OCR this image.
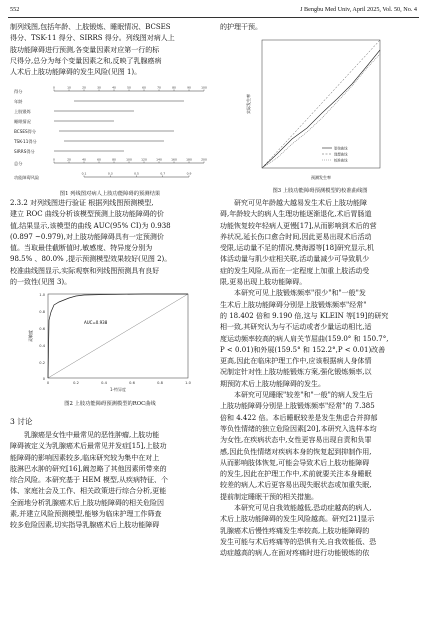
552	J Bengbu Med Univ, April 2025, Vol. 50, No. 4
制列线图,包括年龄、上肢锻炼、睡眠情况、BCSES
得分、TSK-11 得分、SIRRS 得分。列线图对病人上
肢功能障碍进行预测,各变量因素对应第一行的标
尺得分,总分为每个变量因素之和,反映了乳腺癌病
人术后上肢功能障碍的发生风险(见图 1)。
得分
年龄
上肢锻炼
睡眠情况
BCSES得分
TSK-11得分
SIRRS得分
总分
功能障碍风险
0	10	20	30	40	50	60	70	80	90	100
0	20	40	60	80	100	120	140	160	180	200
0.1	0.3	0.5	0.7	0.9
图1 列线图对病人上肢功能障碍的预测结果
2.3.2 对列线图进行验证 根据列线图预测模型,
建立 ROC 曲线分析该模型预测上肢功能障碍的价
值,结果显示,该模型的曲线 AUC(95% CI)为 0.938
(0.897 ~0.979),对上肢功能障碍具有一定预测价
值。当取最佳截断值时,敏感度、特异度分别为
98.5% 、80.0% ,提示预测模型效果较好(见图 2)。
校准曲线图显示,实际观察和列线图预测具有良好
的一致性(见图 3)。
AUC=0.938
1.0
0.8
0.6
0.4
0.2
0
0	0.2	0.4	0.6	0.8	1.0
1-特异度
灵敏度
图2 上肢功能障碍预测模型的ROC曲线
3 讨论
乳腺癌是女性中最常见的恶性肿瘤,上肢功能
障碍被定义为乳腺癌术后最常见并发症[15],上肢功
能障碍的影响因素较多,临床研究较为集中在对上
肢淋巴水肿的研究[16],阚忽略了其他因素所带来的
综合风险。本研究基于 HEM 模型,从疾病特征、个
体、家庭社会及工作、相关政策进行综合分析,更能
全面地分析乳腺癌术后上肢功能障碍的相关危险因
素,并建立风险预测模型,能够为临床护理工作筛查
较多危险因素,切实指导乳腺癌术后上肢功能障碍
的护理干预。
实际发生率
预测发生率
原始曲线
理想曲线
校准曲线
图3 上肢功能障碍预测模型的校准曲线图
研究可见年龄越大越易发生术后上肢功能障
碍,年龄较大的病人生理功能逐渐退化,术后胃肠道
功能恢复较年轻病人更慢[17],从而影响到术后的营
养状况,延长伤口愈合时间,因此更易出现术后活动
受限,运动量不足的情况,樊海源等[18]研究显示,机
体活动量与肌少症相关联,活动量减少可导致肌少
症的发生风险,从而在一定程度上加重上肢活动受
限,更易出现上肢功能障碍。
本研究可见上肢锻炼频率"很少"和"一般"发
生术后上肢功能障碍分别是上肢锻炼频率"经常"
的 18.402 倍和 9.190 倍,这与 KLEIN 等[19]的研究
相一致,其研究认为与不运动或者少量运动相比,适
度运动频率较高的病人肩关节屈曲(159.0° 和 150.7°,
P < 0.01)和外展(159.5° 和 152.2°,P < 0.01)改善
更高,因此在临床护理工作中,应该根据病人身体情
况制定针对性上肢功能锻炼方案,强化锻炼频率,以
期预防术后上肢功能障碍的发生。
本研究可见睡眠"较差"和"一般"的病人发生后
上肢功能障碍分别是上肢锻炼频率"经常"的 7.385
倍和 4.422 倍。本后睡眠较差是发生焦虑合并抑郁
等负性情绪的独立危险因素[20],本研究入选样本均
为女性,在疾病状态中,女性更容易出现自责和负罪
感,因此负性情绪对疾病本身的恢复起到抑制作用,
从而影响肢体恢复,可能会导致术后上肢功能障碍
的发生,因此在护理工作中,术前就要关注本身睡眠
较差的病人,术后更容易出现失眠状态或加重失眠,
提前制定睡眠干预的相关措施。
本研究可见自我效能越低,恐动症越高的病人,
术后上肢功能障碍的发生风险越高。研究[21]显示
乳腺癌术后慢性疼痛发生率较高,上肢功能障碍的
发生可能与术后疼痛等的恐惧有关,自我效能低、恐
动症越高的病人,在面对疼痛时进行功能锻炼的依
